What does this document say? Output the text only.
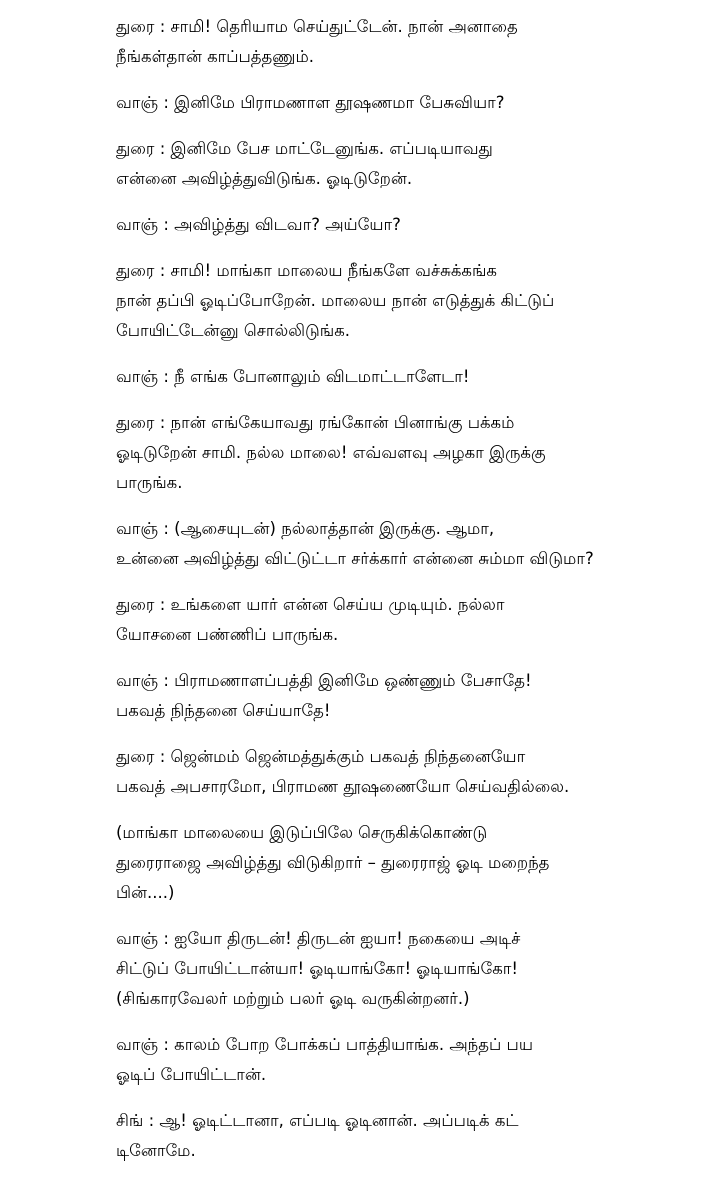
துரை : சாமி! தெரியாம செய்துட்டேன். நான் அனாதை
நீங்கள்தான் காப்பத்தணும்.

வாஞ் : இனிமே பிராமணாள தூஷணமா பேசுவியா?

துரை : இனிமே பேச மாட்டேனுங்க. எப்படியாவது
என்னை அவிழ்த்துவிடுங்க. ஓடிடுறேன்.

வாஞ் : அவிழ்த்து விடவா? அய்யோ?

துரை : சாமி! மாங்கா மாலைய நீங்களே வச்சுக்கங்க
நான் தப்பி ஓடிப்போறேன். மாலைய நான் எடுத்துக் கிட்டுப்
போயிட்டேன்னு சொல்லிடுங்க.

வாஞ் : நீ எங்க போனாலும் விடமாட்டாளேடா!

துரை : நான் எங்கேயாவது ரங்கோன் பினாங்கு பக்கம்
ஓடிடுறேன் சாமி. நல்ல மாலை! எவ்வளவு அழகா இருக்கு
பாருங்க.

வாஞ் : (ஆசையுடன்) நல்லாத்தான் இருக்கு. ஆமா,
உன்னை அவிழ்த்து விட்டுட்டா சர்க்கார் என்னை சும்மா விடுமா?

துரை : உங்களை யார் என்ன செய்ய முடியும். நல்லா
யோசனை பண்ணிப் பாருங்க.

வாஞ் : பிராமணாளப்பத்தி இனிமே ஒண்ணும் பேசாதே!
பகவத் நிந்தனை செய்யாதே!

துரை : ஜென்மம் ஜென்மத்துக்கும் பகவத் நிந்தனையோ
பகவத் அபசாரமோ, பிராமண தூஷணையோ செய்வதில்லை.

(மாங்கா மாலையை இடுப்பிலே செருகிக்கொண்டு
துரைராஜை அவிழ்த்து விடுகிறார் – துரைராஜ் ஓடி மறைந்த
பின்....)

வாஞ் : ஐயோ திருடன்! திருடன் ஐயா! நகையை அடிச்
சிட்டுப் போயிட்டான்யா! ஓடியாங்கோ! ஓடியாங்கோ!
(சிங்காரவேலர் மற்றும் பலர் ஓடி வருகின்றனர்.)

வாஞ் : காலம் போற போக்கப் பாத்தியாங்க. அந்தப் பய
ஓடிப் போயிட்டான்.

சிங் : ஆ! ஓடிட்டானா, எப்படி ஓடினான். அப்படிக் கட்
டினோமே.
